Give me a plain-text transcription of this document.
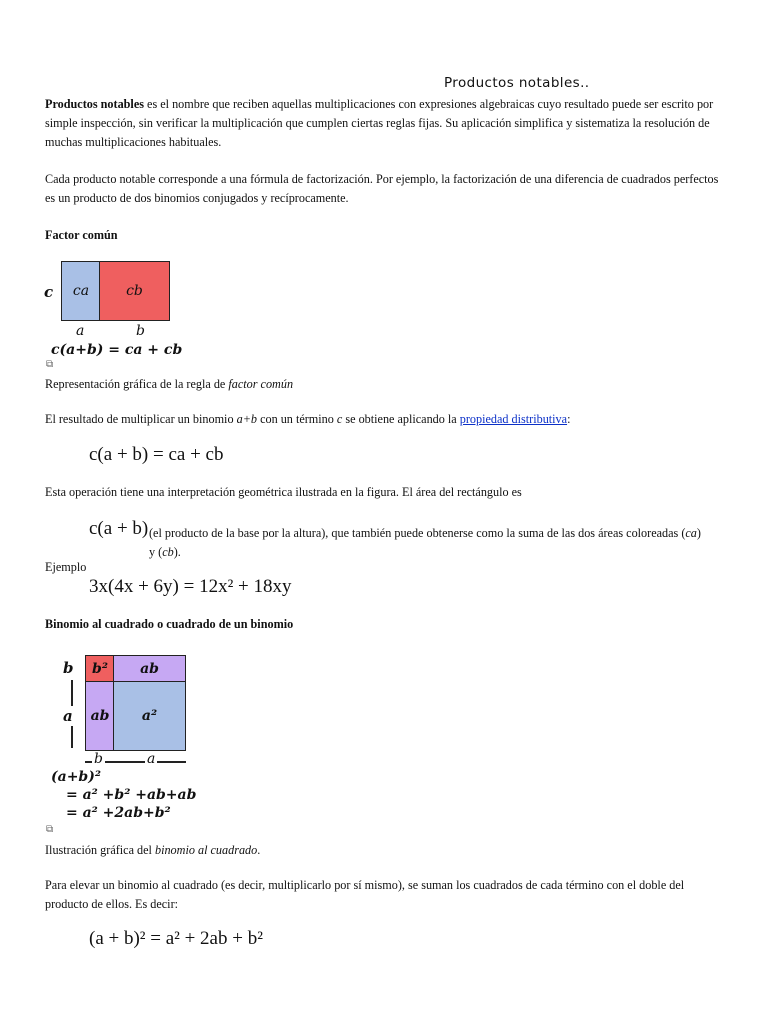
Productos notables..
Productos notables es el nombre que reciben aquellas multiplicaciones con expresiones algebraicas cuyo resultado puede ser escrito por simple inspección, sin verificar la multiplicación que cumplen ciertas reglas fijas. Su aplicación simplifica y sistematiza la resolución de muchas multiplicaciones habituales.
Cada producto notable corresponde a una fórmula de factorización. Por ejemplo, la factorización de una diferencia de cuadrados perfectos es un producto de dos binomios conjugados y recíprocamente.
Factor común
c	ca	cb
a	b
c(a+b) = ca + cb
⧉
Representación gráfica de la regla de factor común
El resultado de multiplicar un binomio a+b con un término c se obtiene aplicando la propiedad distributiva:
c(a + b) = ca + cb
Esta operación tiene una interpretación geométrica ilustrada en la figura. El área del rectángulo es
c(a + b) (el producto de la base por la altura), que también puede obtenerse como la suma de las dos áreas coloreadas (ca) y (cb).
Ejemplo
3x(4x + 6y) = 12x² + 18xy
Binomio al cuadrado o cuadrado de un binomio
b
a
b²	ab
ab	a²
b	a
(a+b)²
= a² +b² +ab+ab
= a² +2ab+b²
⧉
Ilustración gráfica del binomio al cuadrado.
Para elevar un binomio al cuadrado (es decir, multiplicarlo por sí mismo), se suman los cuadrados de cada término con el doble del producto de ellos. Es decir:
(a + b)² = a² + 2ab + b²
